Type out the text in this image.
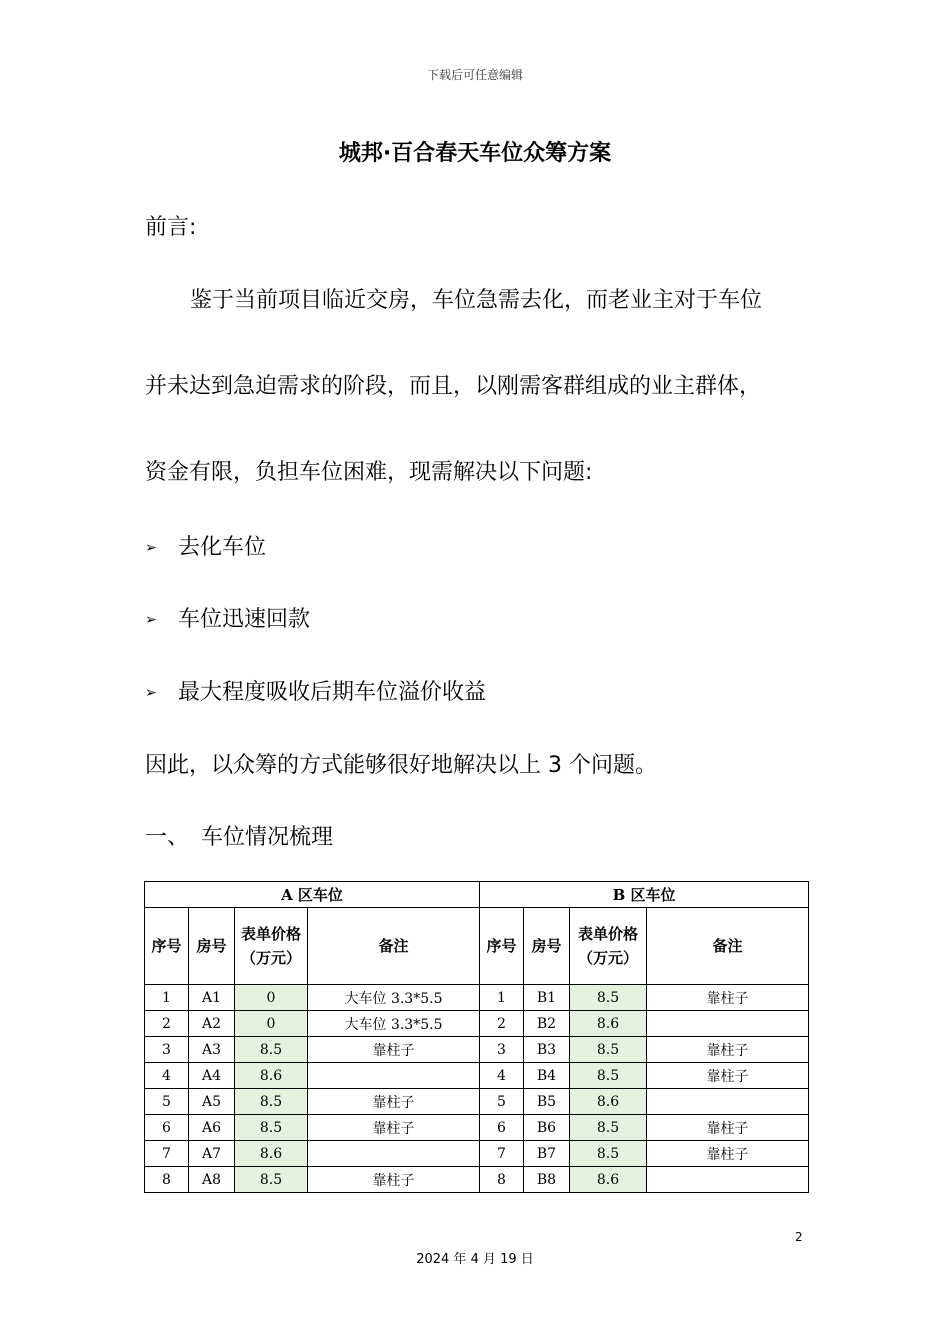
下载后可任意编辑
城邦·百合春天车位众筹方案
前言:
鉴于当前项目临近交房，车位急需去化，而老业主对于车位
并未达到急迫需求的阶段，而且，以刚需客群组成的业主群体，
资金有限，负担车位困难，现需解决以下问题:
➢ 去化车位
➢ 车位迅速回款
➢ 最大程度吸收后期车位溢价收益
因此，以众筹的方式能够很好地解决以上 3 个问题。
一、 车位情况梳理
A 区车位				B 区车位			
序号	房号	表单价格（万元）	备注	序号	房号	表单价格（万元）	备注
1	A1	0	大车位 3.3*5.5	1	B1	8.5	靠柱子
2	A2	0	大车位 3.3*5.5	2	B2	8.6	
3	A3	8.5	靠柱子	3	B3	8.5	靠柱子
4	A4	8.6		4	B4	8.5	靠柱子
5	A5	8.5	靠柱子	5	B5	8.6	
6	A6	8.5	靠柱子	6	B6	8.5	靠柱子
7	A7	8.6		7	B7	8.5	靠柱子
8	A8	8.5	靠柱子	8	B8	8.6	
2
2024 年 4 月 19 日
